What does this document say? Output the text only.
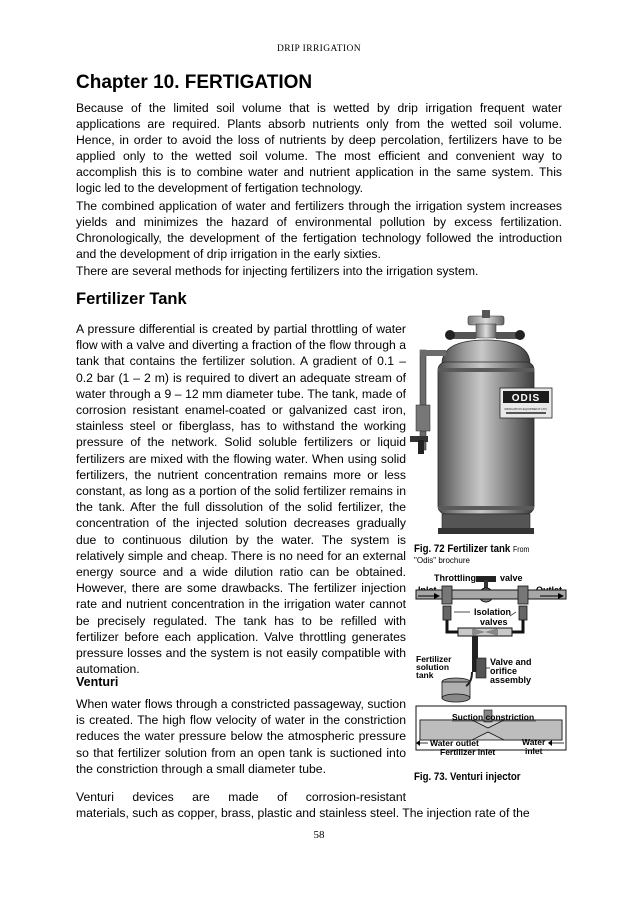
DRIP IRRIGATION
Chapter 10. FERTIGATION

Because of the limited soil volume that is wetted by drip irrigation frequent water applications are required. Plants absorb nutrients only from the wetted soil volume. Hence, in order to avoid the loss of nutrients by deep percolation, fertilizers have to be applied only to the wetted soil volume. The most efficient and convenient way to accomplish this is to combine water and nutrient application in the same system. This logic led to the development of fertigation technology.

The combined application of water and fertilizers through the irrigation system increases yields and minimizes the hazard of environmental pollution by excess fertilization. Chronologically, the development of the fertigation technology followed the introduction and the development of drip irrigation in the early sixties.

There are several methods for injecting fertilizers into the irrigation system.

Fertilizer Tank

A pressure differential is created by partial throttling of water flow with a valve and diverting a fraction of the flow through a tank that contains the fertilizer solution. A gradient of 0.1 – 0.2 bar (1 – 2 m) is required to divert an adequate stream of water through a 9 – 12 mm diameter tube. The tank, made of corrosion resistant enamel-coated or galvanized cast iron, stainless steel or fiberglass, has to withstand the working pressure of the network. Solid soluble fertilizers or liquid fertilizers are mixed with the flowing water. When using solid fertilizers, the nutrient concentration remains more or less constant, as long as a portion of the solid fertilizer remains in the tank. After the full dissolution of the solid fertilizer, the concentration of the injected solution decreases gradually due to continuous dilution by the water. The system is relatively simple and cheap. There is no need for an external energy source and a wide dilution ratio can be obtained. However, there are some drawbacks. The fertilizer injection rate and nutrient concentration in the irrigation water cannot be precisely regulated. The tank has to be refilled with fertilizer before each application. Valve throttling generates pressure losses and the system is not easily compatible with automation.

Venturi

When water flows through a constricted passageway, suction is created. The high flow velocity of water in the constriction reduces the water pressure below the atmospheric pressure so that fertilizer solution from an open tank is suctioned into the constriction through a small diameter tube.

Venturi devices are made of corrosion-resistant
materials, such as copper, brass, plastic and stainless steel. The injection rate of the
ODIS
IRRIGATION EQUIPMENT LTD.
Fig. 72 Fertilizer tank From
"Odis" brochure
Throttling	valve
Isolation
valves
Fertilizer
solution
tank
Valve and
orifice
assembly
Suction constriction
Water outlet
Fertilizer inlet
Water
inlet
Fig. 73. Venturi injector
58
